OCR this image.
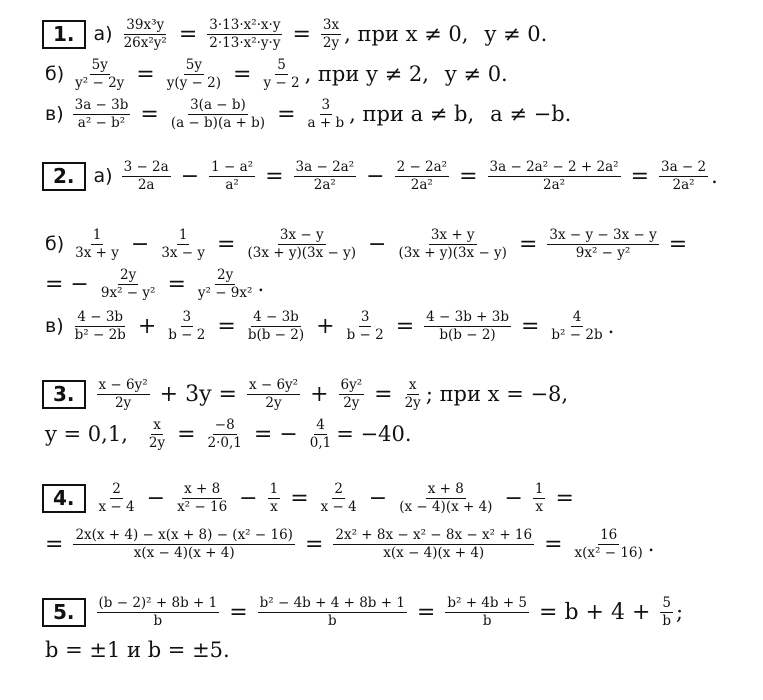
1.	$а) \frac{\text{39x³y}}{\text{26x²y²}} = \frac{\text{3·13·x²·x·y}}{\text{2·13·x²·y·y}} = \frac{3x}{2y}$ , при x ≠ 0, y ≠ 0.
$б) \frac{5y}{\text{y² − 2y}} = \frac{5y}{y(y - 2)} = \frac{5}{y - 2}$ , при y ≠ 2, y ≠ 0.
$в) \frac{3a - 3b}{\text{a² − b²}} = \frac{3(a - b)}{(a - b)(a + b)} = \frac{3}{a + b}$ , при a ≠ b, a ≠ −b.
2.	$а) \frac{3 - 2a}{2a} - \frac{\text{1 − a²}}{\text{a²}} = \frac{\text{3a − 2a²}}{\text{2a²}} - \frac{\text{2 − 2a²}}{\text{2a²}} = \frac{\text{3a − 2a² − 2 + 2a²}}{\text{2a²}} = \frac{3a - 2}{\text{2a²}}$ .
$б) \frac{1}{3x + y} - \frac{1}{3x - y} = \frac{3x - y}{(3x + y)(3x - y)} - \frac{3x + y}{(3x + y)(3x - y)} = \frac{3x - y - 3x - y}{\text{9x² − y²}}$ =
= − $\frac{2y}{\text{9x² − y²}} = \frac{2y}{\text{y² − 9x²}}$ .
$в) \frac{4 - 3b}{\text{b² − 2b}} + \frac{3}{b - 2} = \frac{4 - 3b}{b(b - 2)} + \frac{3}{b - 2} = \frac{4 - 3b + 3b}{b(b - 2)} = \frac{4}{\text{b² − 2b}}$ .
3.	$\frac{\text{x − 6y²}}{2y} + 3y = \frac{\text{x − 6y²}}{2y} + \frac{\text{6y²}}{2y} = \frac{x}{2y}$ ; при x = −8,
y = 0,1, $\frac{x}{2y} = \frac{-8}{2\cdot 0,1}$ = − $\frac{4}{0,1} = -40$.
4.	$\frac{2}{x - 4} - \frac{x + 8}{\text{x² − 16}} - \frac{1}{x} = \frac{2}{x - 4} - \frac{x + 8}{(x - 4)(x + 4)} - \frac{1}{x}$ =
= $\frac{\text{2x(x + 4) − x(x + 8) − (x² − 16)}}{x(x - 4)(x + 4)} = \frac{\text{2x² + 8x − x² − 8x − x² + 16}}{x(x - 4)(x + 4)} = \frac{16}{\text{x(x² − 16)}}$ .
5.	$\frac{\text{(b − 2)² + 8b + 1}}{b} = \frac{\text{b² − 4b + 4 + 8b + 1}}{b} = \frac{\text{b² + 4b + 5}}{b} = b + 4 + \frac{5}{b}$ ;
b = ±1 и b = ±5.
